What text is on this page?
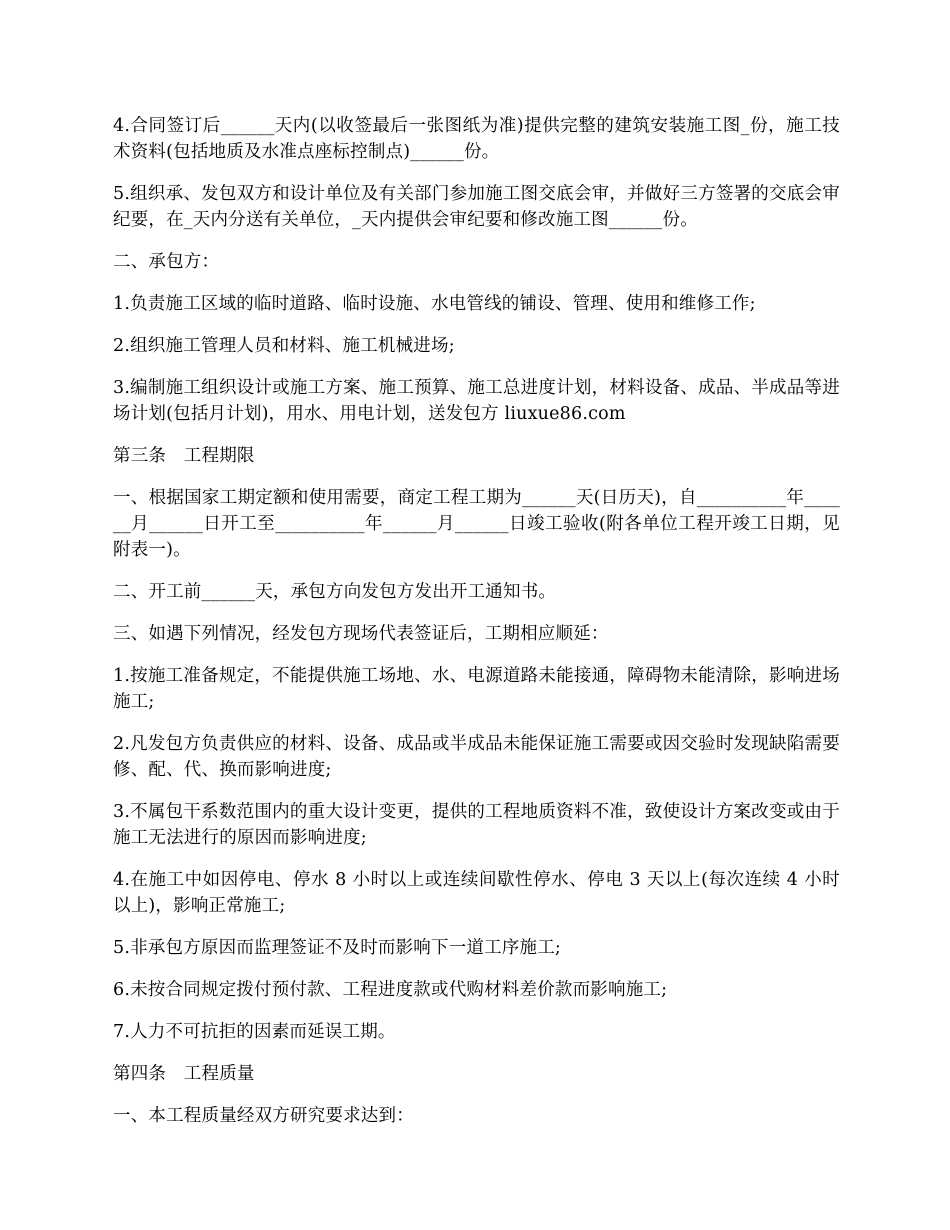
4.合同签订后______天内(以收签最后一张图纸为准)提供完整的建筑安装施工图_份，施工技术资料(包括地质及水准点座标控制点)______份。

5.组织承、发包双方和设计单位及有关部门参加施工图交底会审，并做好三方签署的交底会审纪要，在_天内分送有关单位，_天内提供会审纪要和修改施工图______份。

二、承包方：

1.负责施工区域的临时道路、临时设施、水电管线的铺设、管理、使用和维修工作;

2.组织施工管理人员和材料、施工机械进场;

3.编制施工组织设计或施工方案、施工预算、施工总进度计划，材料设备、成品、半成品等进场计划(包括月计划)，用水、用电计划，送发包方 liuxue86.com

第三条　工程期限

一、根据国家工期定额和使用需要，商定工程工期为______天(日历天)，自__________年______月______日开工至__________年______月______日竣工验收(附各单位工程开竣工日期，见附表一)。

二、开工前______天，承包方向发包方发出开工通知书。

三、如遇下列情况，经发包方现场代表签证后，工期相应顺延：

1.按施工准备规定，不能提供施工场地、水、电源道路未能接通，障碍物未能清除，影响进场施工;

2.凡发包方负责供应的材料、设备、成品或半成品未能保证施工需要或因交验时发现缺陷需要修、配、代、换而影响进度;

3.不属包干系数范围内的重大设计变更，提供的工程地质资料不准，致使设计方案改变或由于施工无法进行的原因而影响进度;

4.在施工中如因停电、停水 8 小时以上或连续间歇性停水、停电 3 天以上(每次连续 4 小时以上)，影响正常施工;

5.非承包方原因而监理签证不及时而影响下一道工序施工;

6.未按合同规定拨付预付款、工程进度款或代购材料差价款而影响施工;

7.人力不可抗拒的因素而延误工期。

第四条　工程质量

一、本工程质量经双方研究要求达到：
